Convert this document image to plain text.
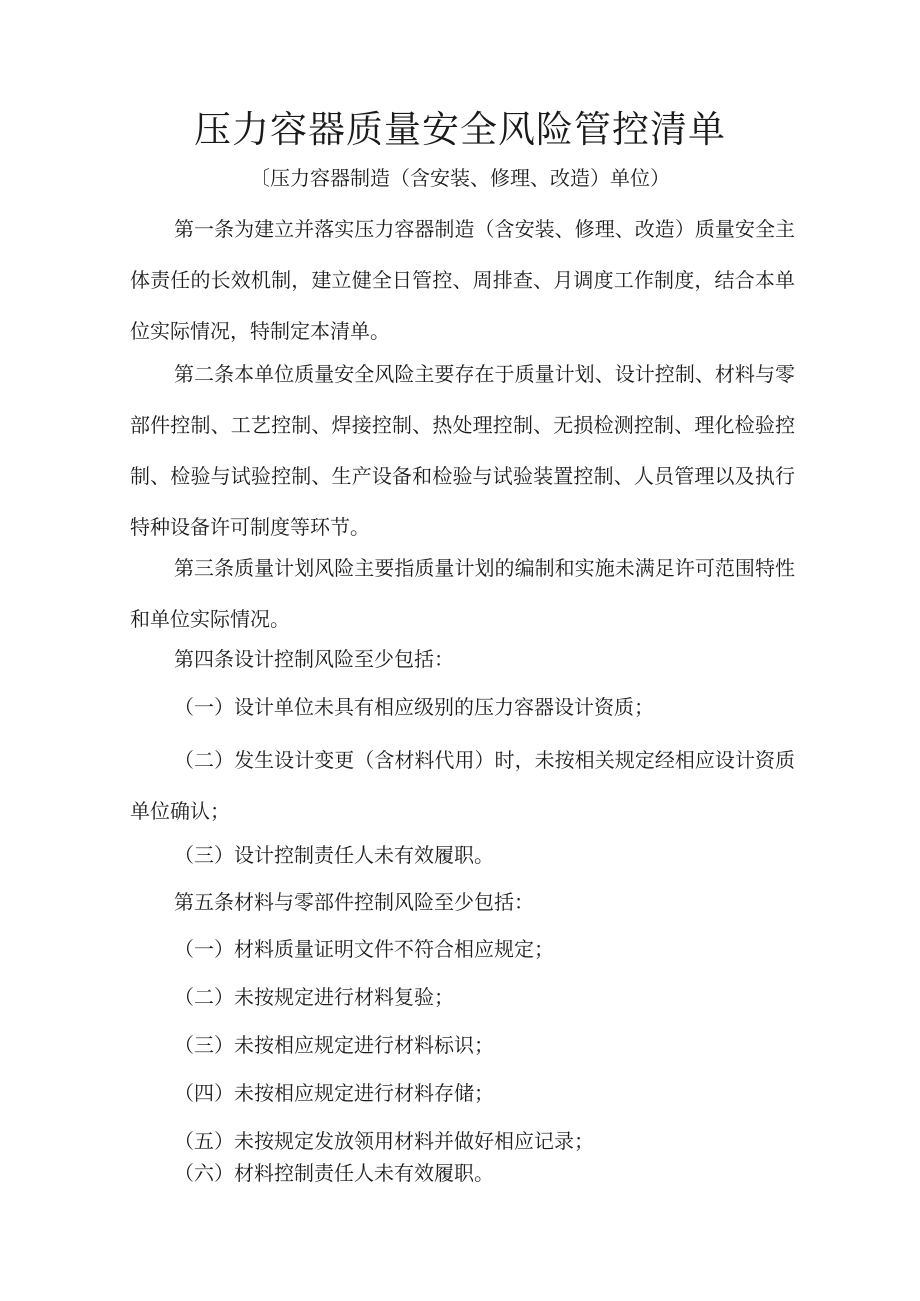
压力容器质量安全风险管控清单
〔压力容器制造（含安装、修理、改造）单位）

第一条为建立并落实压力容器制造（含安装、修理、改造）质量安全主体责任的长效机制，建立健全日管控、周排查、月调度工作制度，结合本单位实际情况，特制定本清单。

第二条本单位质量安全风险主要存在于质量计划、设计控制、材料与零部件控制、工艺控制、焊接控制、热处理控制、无损检测控制、理化检验控制、检验与试验控制、生产设备和检验与试验装置控制、人员管理以及执行特种设备许可制度等环节。

第三条质量计划风险主要指质量计划的编制和实施未满足许可范围特性和单位实际情况。

第四条设计控制风险至少包括：
（一）设计单位未具有相应级别的压力容器设计资质；

（二）发生设计变更（含材料代用）时，未按相关规定经相应设计资质单位确认；

（三）设计控制责任人未有效履职。
第五条材料与零部件控制风险至少包括：
（一）材料质量证明文件不符合相应规定；
（二）未按规定进行材料复验；
（三）未按相应规定进行材料标识；
（四）未按相应规定进行材料存储；
（五）未按规定发放领用材料并做好相应记录；
（六）材料控制责任人未有效履职。
